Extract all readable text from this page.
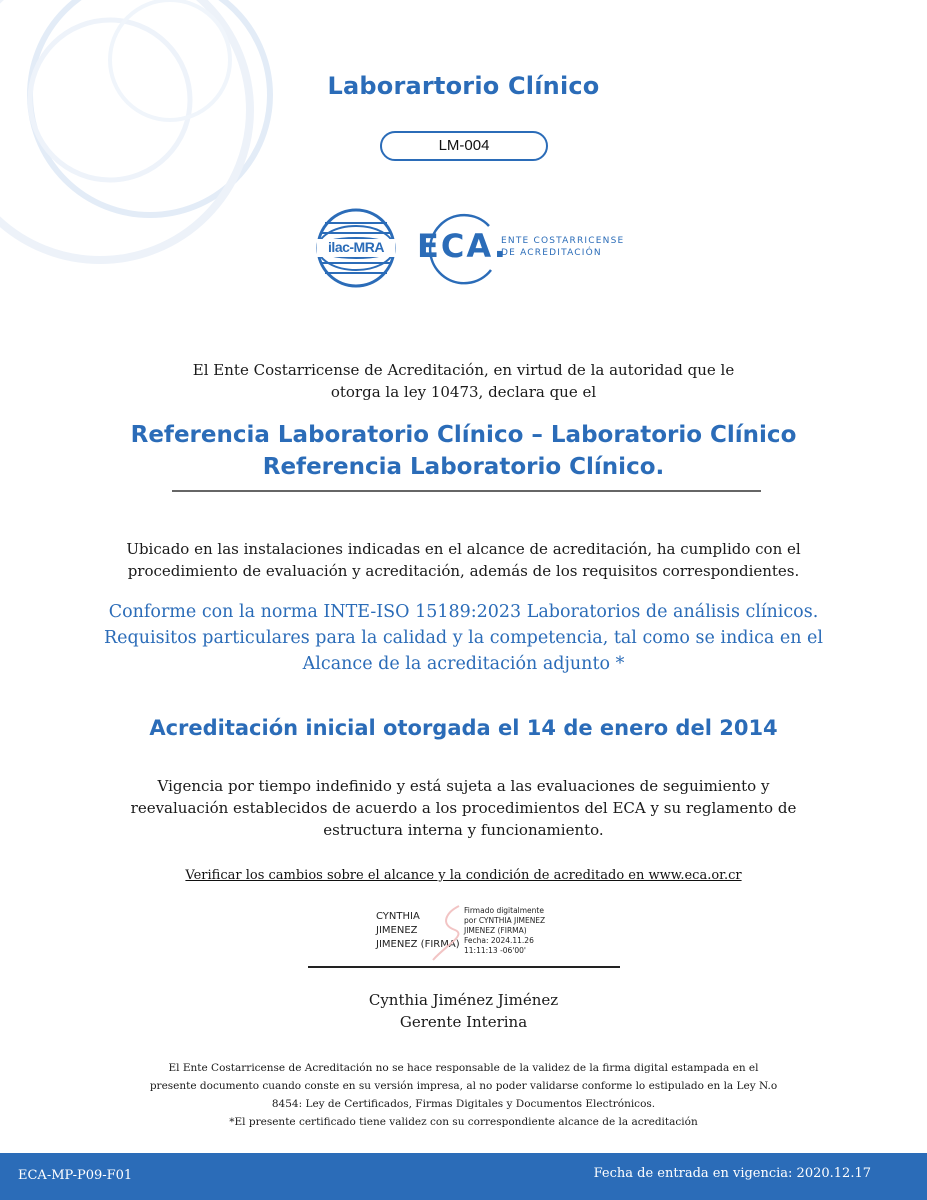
Laborartorio Clínico
LM-004
ilac-MRA	ECA.
ENTE COSTARRICENSE
DE ACREDITACIÓN
El Ente Costarricense de Acreditación, en virtud de la autoridad que le
otorga la ley 10473, declara que el
Referencia Laboratorio Clínico – Laboratorio Clínico
Referencia Laboratorio Clínico.
Ubicado en las instalaciones indicadas en el alcance de acreditación, ha cumplido con el
procedimiento de evaluación y acreditación, además de los requisitos correspondientes.
Conforme con la norma INTE-ISO 15189:2023 Laboratorios de análisis clínicos.
Requisitos particulares para la calidad y la competencia, tal como se indica en el
Alcance de la acreditación adjunto *
Acreditación inicial otorgada el 14 de enero del 2014
Vigencia por tiempo indefinido y está sujeta a las evaluaciones de seguimiento y
reevaluación establecidos de acuerdo a los procedimientos del ECA y su reglamento de
estructura interna y funcionamiento.
Verificar los cambios sobre el alcance y la condición de acreditado en www.eca.or.cr
CYNTHIA
JIMENEZ
JIMENEZ (FIRMA)
Firmado digitalmente
por CYNTHIA JIMENEZ
JIMENEZ (FIRMA)
Fecha: 2024.11.26
11:11:13 -06'00'
Cynthia Jiménez Jiménez
Gerente Interina
El Ente Costarricense de Acreditación no se hace responsable de la validez de la firma digital estampada en el
presente documento cuando conste en su versión impresa, al no poder validarse conforme lo estipulado en la Ley N.o
8454: Ley de Certificados, Firmas Digitales y Documentos Electrónicos.
*El presente certificado tiene validez con su correspondiente alcance de la acreditación
ECA-MP-P09-F01	Fecha de entrada en vigencia: 2020.12.17
